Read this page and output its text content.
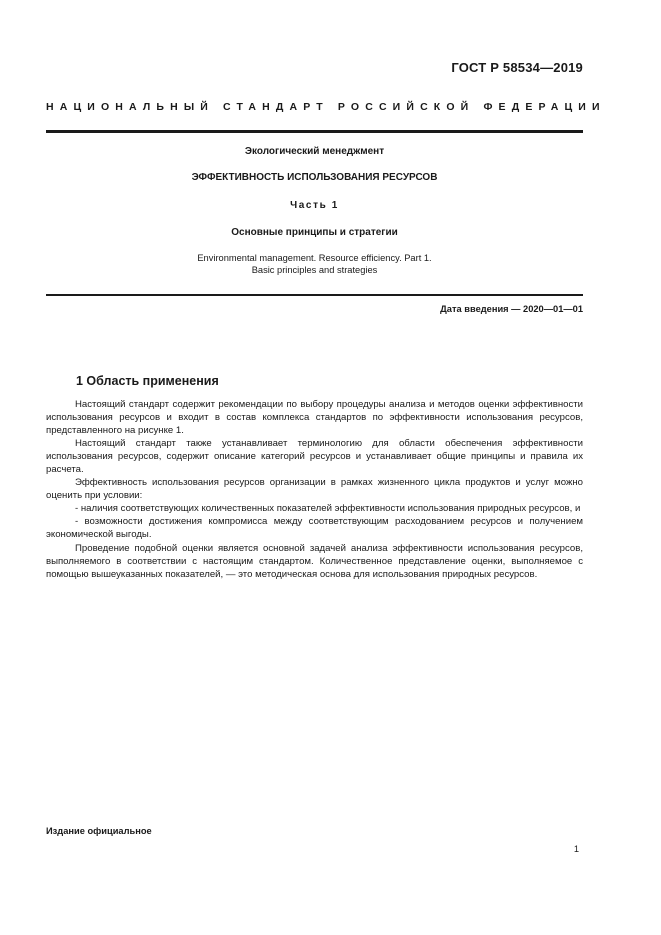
ГОСТ Р 58534—2019
НАЦИОНАЛЬНЫЙ СТАНДАРТ РОССИЙСКОЙ ФЕДЕРАЦИИ
Экологический менеджмент
ЭФФЕКТИВНОСТЬ ИСПОЛЬЗОВАНИЯ РЕСУРСОВ
Часть 1
Основные принципы и стратегии
Environmental management. Resource efficiency. Part 1.
Basic principles and strategies
Дата введения — 2020—01—01
1 Область применения

Настоящий стандарт содержит рекомендации по выбору процедуры анализа и методов оценки эффективности использования ресурсов и входит в состав комплекса стандартов по эффективности использования ресурсов, представленного на рисунке 1.

Настоящий стандарт также устанавливает терминологию для области обеспечения эффективности использования ресурсов, содержит описание категорий ресурсов и устанавливает общие принципы и правила их расчета.

Эффективность использования ресурсов организации в рамках жизненного цикла продуктов и услуг можно оценить при условии:

- наличия соответствующих количественных показателей эффективности использования природных ресурсов, и

- возможности достижения компромисса между соответствующим расходованием ресурсов и получением экономической выгоды.

Проведение подобной оценки является основной задачей анализа эффективности использования ресурсов, выполняемого в соответствии с настоящим стандартом. Количественное представление оценки, выполняемое с помощью вышеуказанных показателей, — это методическая основа для использования природных ресурсов.

Издание официальное
1
